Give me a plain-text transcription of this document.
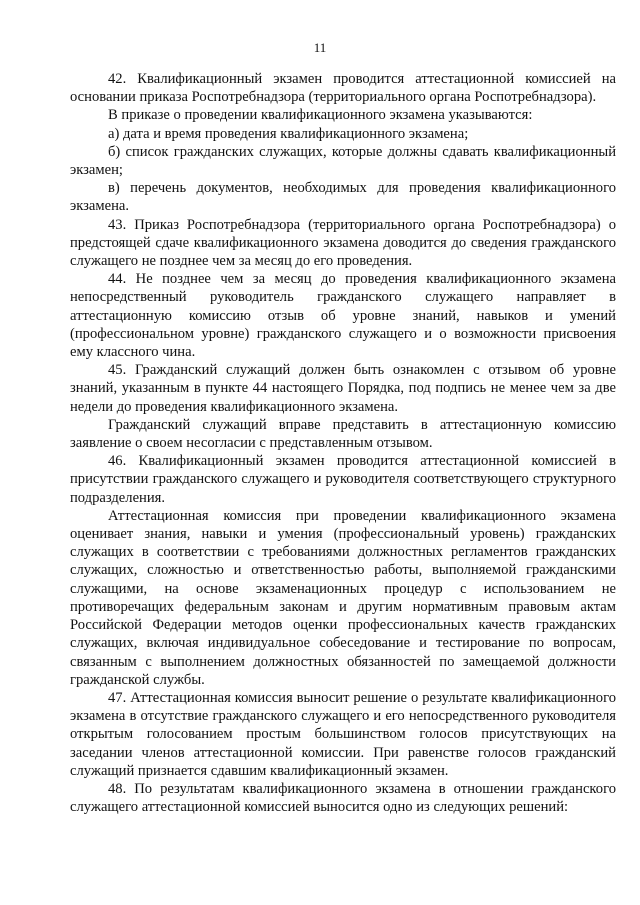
11

42. Квалификационный экзамен проводится аттестационной комиссией на основании приказа Роспотребнадзора (территориального органа Роспотребнадзора).

В приказе о проведении квалификационного экзамена указываются:

а) дата и время проведения квалификационного экзамена;

б) список гражданских служащих, которые должны сдавать квалификационный экзамен;

в) перечень документов, необходимых для проведения квалификационного экзамена.

43. Приказ Роспотребнадзора (территориального органа Роспотребнадзора) о предстоящей сдаче квалификационного экзамена доводится до сведения гражданского служащего не позднее чем за месяц до его проведения.

44. Не позднее чем за месяц до проведения квалификационного экзамена непосредственный руководитель гражданского служащего направляет в аттестационную комиссию отзыв об уровне знаний, навыков и умений (профессиональном уровне) гражданского служащего и о возможности присвоения ему классного чина.

45. Гражданский служащий должен быть ознакомлен с отзывом об уровне знаний, указанным в пункте 44 настоящего Порядка, под подпись не менее чем за две недели до проведения квалификационного экзамена.

Гражданский служащий вправе представить в аттестационную комиссию заявление о своем несогласии с представленным отзывом.

46. Квалификационный экзамен проводится аттестационной комиссией в присутствии гражданского служащего и руководителя соответствующего структурного подразделения.

Аттестационная комиссия при проведении квалификационного экзамена оценивает знания, навыки и умения (профессиональный уровень) гражданских служащих в соответствии с требованиями должностных регламентов гражданских служащих, сложностью и ответственностью работы, выполняемой гражданскими служащими, на основе экзаменационных процедур с использованием не противоречащих федеральным законам и другим нормативным правовым актам Российской Федерации методов оценки профессиональных качеств гражданских служащих, включая индивидуальное собеседование и тестирование по вопросам, связанным с выполнением должностных обязанностей по замещаемой должности гражданской службы.

47. Аттестационная комиссия выносит решение о результате квалификационного экзамена в отсутствие гражданского служащего и его непосредственного руководителя открытым голосованием простым большинством голосов присутствующих на заседании членов аттестационной комиссии. При равенстве голосов гражданский служащий признается сдавшим квалификационный экзамен.

48. По результатам квалификационного экзамена в отношении гражданского служащего аттестационной комиссией выносится одно из следующих решений:
